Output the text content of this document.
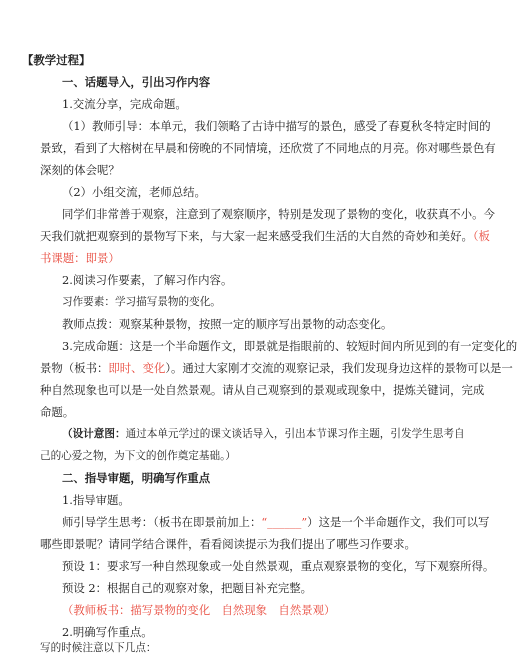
【教学过程】
一、话题导入，引出习作内容
1.交流分享，完成命题。
（1）教师引导：本单元，我们领略了古诗中描写的景色，感受了春夏秋冬特定时间的
景致，看到了大榕树在早晨和傍晚的不同情境，还欣赏了不同地点的月亮。你对哪些景色有
深刻的体会呢？
（2）小组交流，老师总结。
同学们非常善于观察，注意到了观察顺序，特别是发现了景物的变化，收获真不小。今
天我们就把观察到的景物写下来，与大家一起来感受我们生活的大自然的奇妙和美好。（板
书课题：即景）
2.阅读习作要素，了解习作内容。
习作要素：学习描写景物的变化。
教师点拨：观察某种景物，按照一定的顺序写出景物的动态变化。
3.完成命题：这是一个半命题作文，即景就是指眼前的、较短时间内所见到的有一定变化的
景物（板书：即时、变化）。通过大家刚才交流的观察记录，我们发现身边这样的景物可以是一
种自然现象也可以是一处自然景观。请从自己观察到的景观或现象中，提炼关键词，完成
命题。
（设计意图：通过本单元学过的课文谈话导入，引出本节课习作主题，引发学生思考自
己的心爱之物，为下文的创作奠定基础。）
二、指导审题，明确写作重点
1.指导审题。
师引导学生思考：（板书在即景前加上：“______”）这是一个半命题作文，我们可以写
哪些即景呢？请同学结合课件，看看阅读提示为我们提出了哪些习作要求。
预设 1：要求写一种自然现象或一处自然景观，重点观察景物的变化，写下观察所得。
预设 2：根据自己的观察对象，把题目补充完整。
（教师板书：描写景物的变化　自然现象　自然景观）
2.明确写作重点。
写的时候注意以下几点：
